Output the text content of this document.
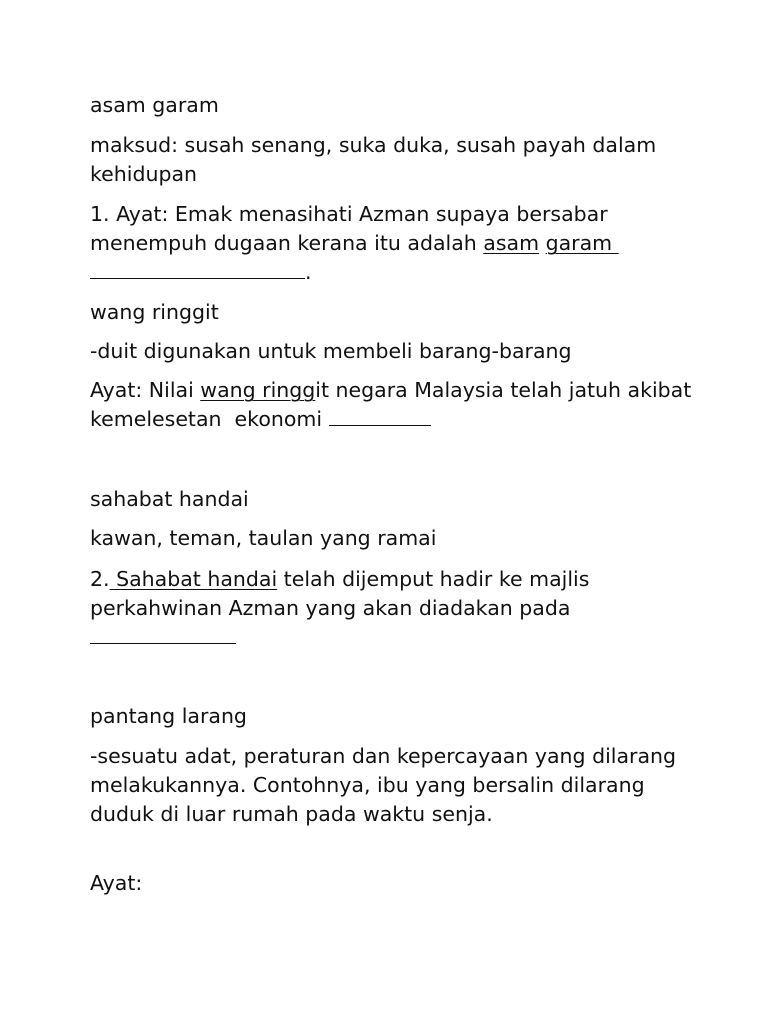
asam garam

maksud: susah senang, suka duka, susah payah dalam kehidupan

1. Ayat: Emak menasihati Azman supaya bersabar menempuh dugaan kerana itu adalah asam garam
.

wang ringgit

-duit digunakan untuk membeli barang-barang

Ayat: Nilai wang ringgit negara Malaysia telah jatuh akibat kemelesetan  ekonomi

sahabat handai

kawan, teman, taulan yang ramai

2. Sahabat handai telah dijemput hadir ke majlis perkahwinan Azman yang akan diadakan pada

pantang larang

-sesuatu adat, peraturan dan kepercayaan yang dilarang melakukannya. Contohnya, ibu yang bersalin dilarang duduk di luar rumah pada waktu senja.

Ayat:
